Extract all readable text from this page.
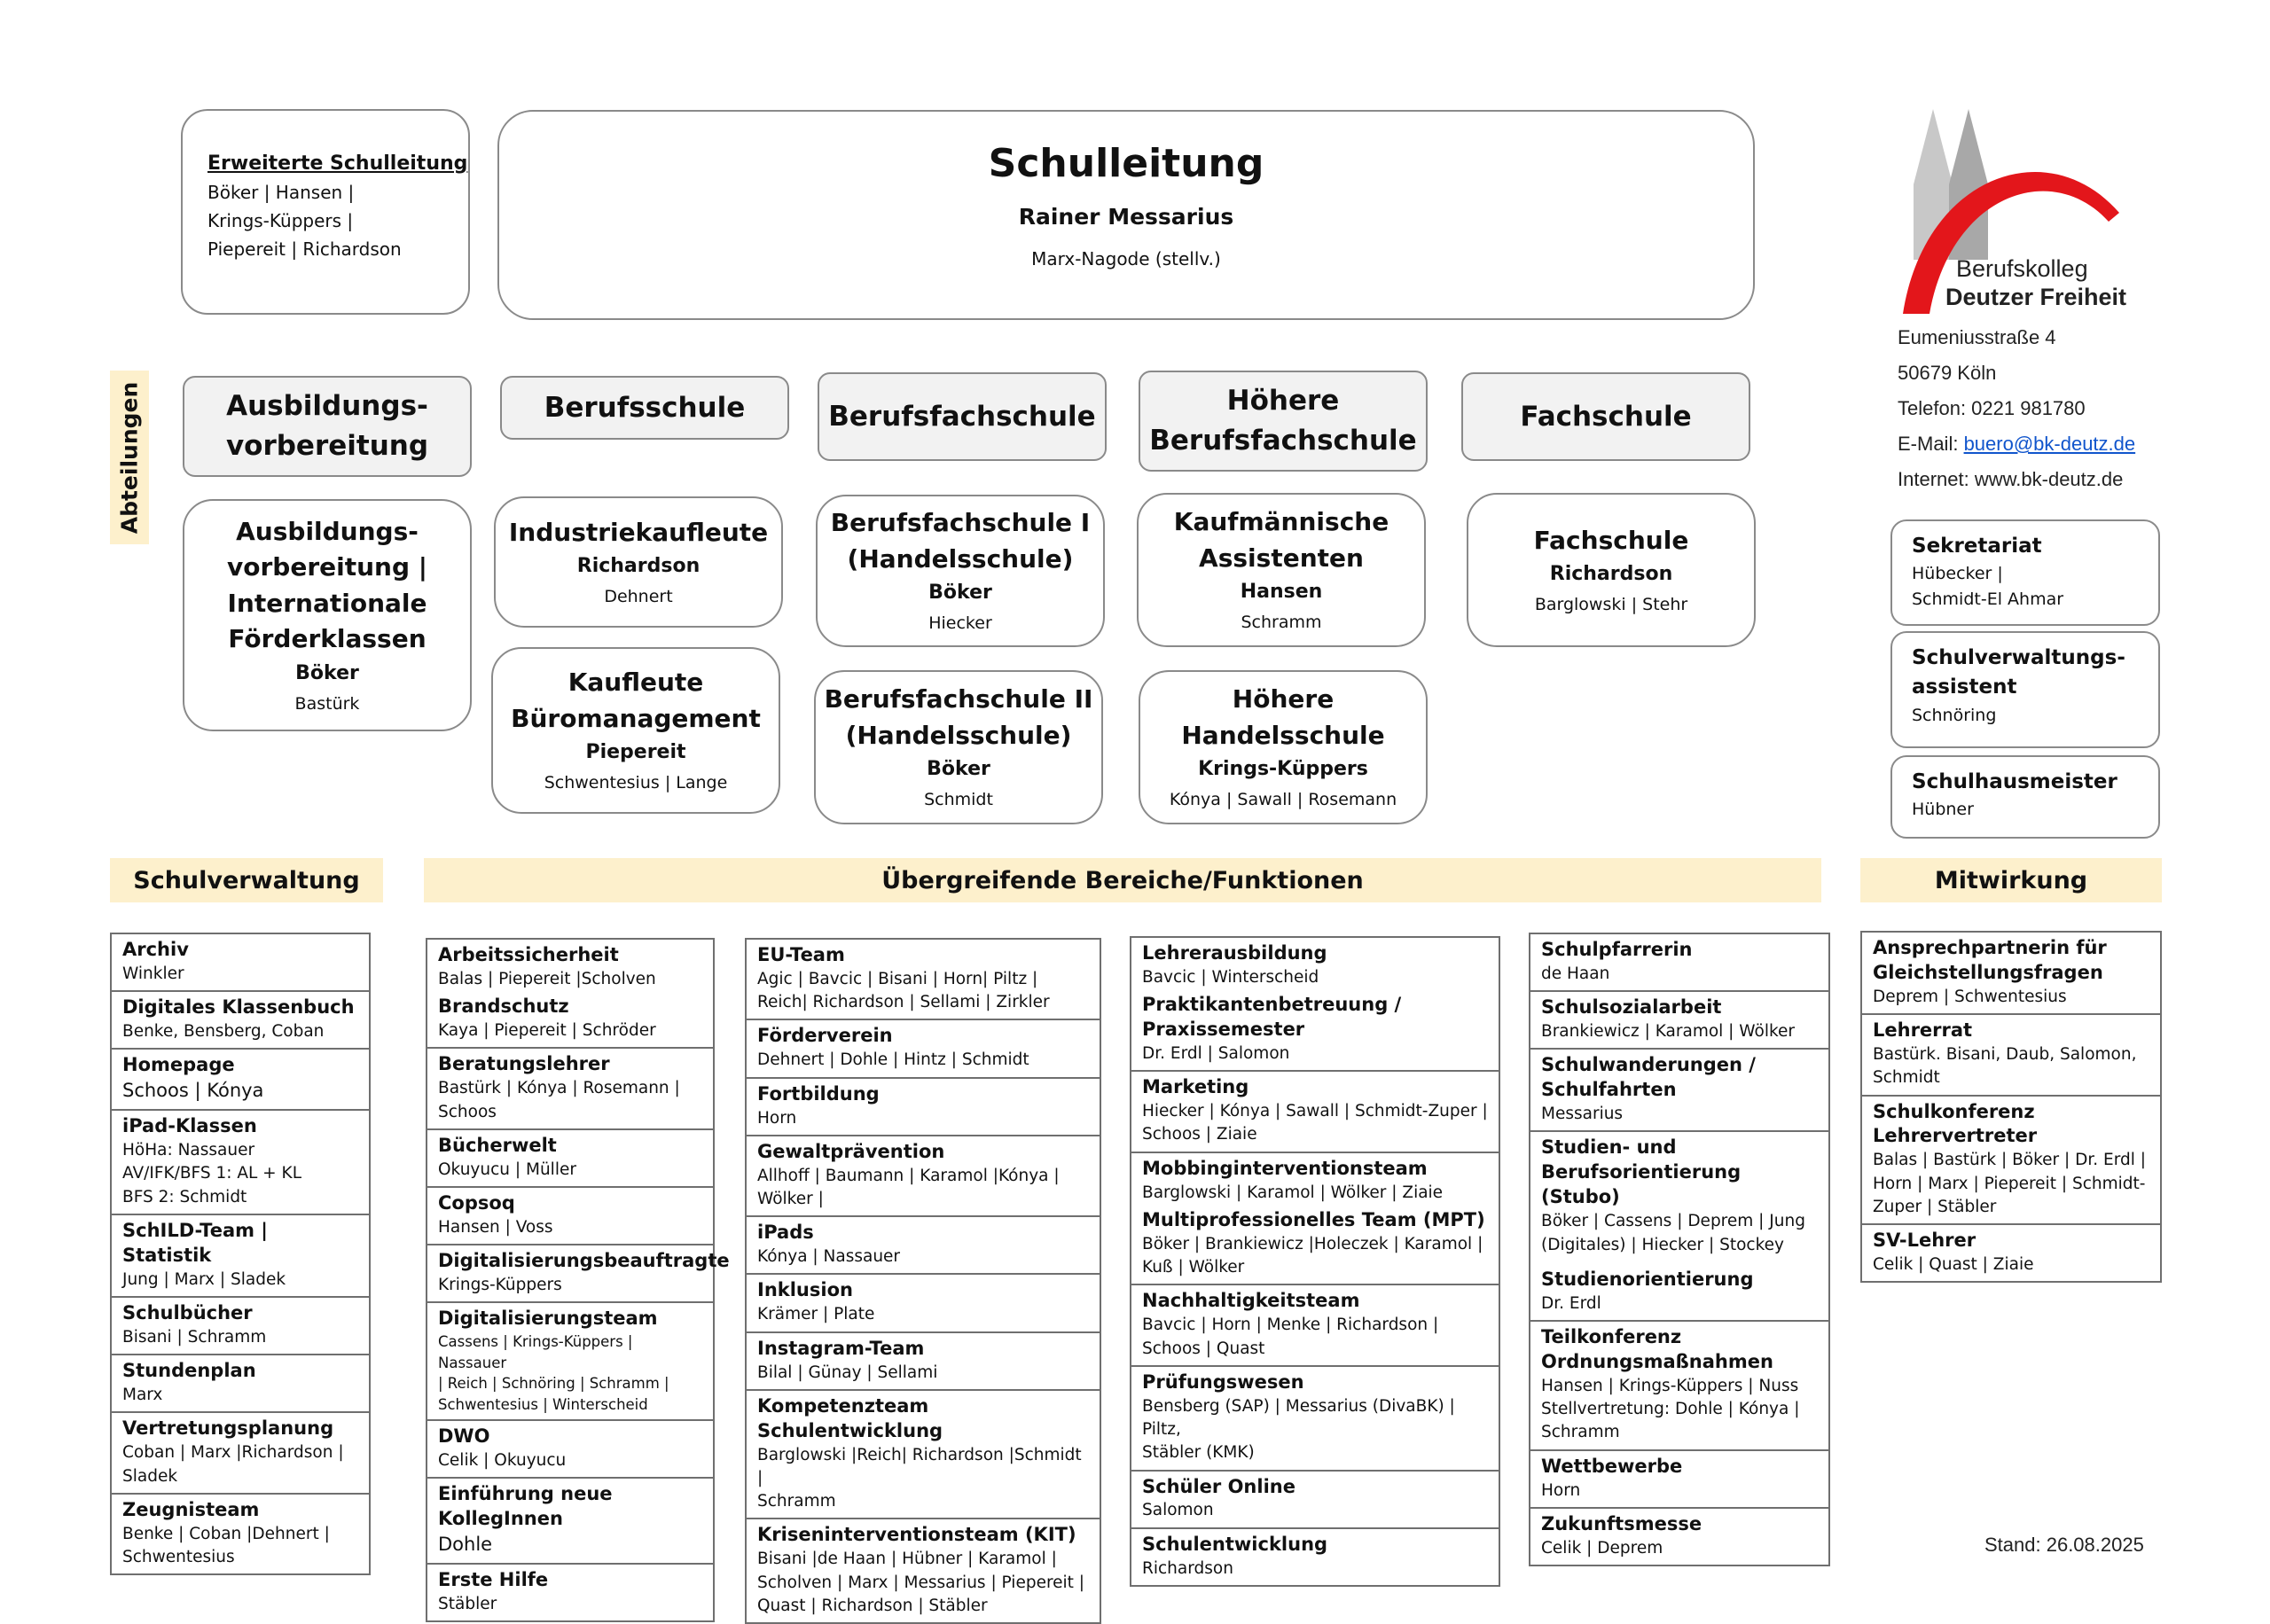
Erweiterte Schulleitung
Böker | Hansen |
Krings-Küppers |
Piepereit | Richardson
Schulleitung
Rainer Messarius
Marx-Nagode (stellv.)	Berufskolleg
Deutzer Freiheit
Eumeniusstraße 4
50679 Köln
Telefon: 0221 981780
E-Mail: buero@bk-deutz.de
Internet: www.bk-deutz.de
Abteilungen	Ausbildungs-
vorbereitung
Berufsschule	Berufsfachschule	Höhere
Berufsfachschule
Fachschule
Ausbildungs-
vorbereitung |
Internationale
Förderklassen
Böker
Bastürk
Industriekaufleute
Richardson
Dehnert
Kaufleute
Büromanagement
Piepereit
Schwentesius | Lange
Berufsfachschule I
(Handelsschule)
Böker
Hiecker
Berufsfachschule II
(Handelsschule)
Böker
Schmidt
Kaufmännische
Assistenten
Hansen
Schramm
Höhere
Handelsschule
Krings-Küppers
Kónya | Sawall | Rosemann
Fachschule
Richardson
Barglowski | Stehr
Sekretariat
Hübecker |
Schmidt-El Ahmar
Schulverwaltungs-
assistent
Schnöring
Schulhausmeister
Hübner
Schulverwaltung	Übergreifende Bereiche/Funktionen	Mitwirkung
Archiv
Winkler
Digitales Klassenbuch
Benke, Bensberg, Coban
Homepage
Schoos | Kónya
iPad-Klassen
HöHa: Nassauer
AV/IFK/BFS 1: AL + KL
BFS 2: Schmidt
SchILD-Team | Statistik
Jung | Marx | Sladek
Schulbücher
Bisani | Schramm
Stundenplan
Marx
Vertretungsplanung
Coban | Marx |Richardson |
Sladek
Zeugnisteam
Benke | Coban |Dehnert |
Schwentesius
Arbeitssicherheit
Balas | Piepereit |Scholven
Brandschutz
Kaya | Piepereit | Schröder
Beratungslehrer
Bastürk | Kónya | Rosemann |
Schoos
Bücherwelt
Okuyucu | Müller
Copsoq
Hansen | Voss
Digitalisierungsbeauftragte
Krings-Küppers
Digitalisierungsteam
Cassens | Krings-Küppers | Nassauer
| Reich | Schnöring | Schramm |
Schwentesius | Winterscheid
DWO
Celik | Okuyucu
Einführung neue KollegInnen
Dohle
Erste Hilfe
Stäbler
EU-Team
Agic | Bavcic | Bisani | Horn| Piltz |
Reich| Richardson | Sellami | Zirkler
Förderverein
Dehnert | Dohle | Hintz | Schmidt
Fortbildung
Horn
Gewaltprävention
Allhoff | Baumann | Karamol |Kónya |
Wölker |
iPads
Kónya | Nassauer
Inklusion
Krämer | Plate
Instagram-Team
Bilal | Günay | Sellami
Kompetenzteam Schulentwicklung
Barglowski |Reich| Richardson |Schmidt |
Schramm
Kriseninterventionsteam (KIT)
Bisani |de Haan | Hübner | Karamol |
Scholven | Marx | Messarius | Piepereit |
Quast | Richardson | Stäbler
Lehrerausbildung
Bavcic | Winterscheid
Praktikantenbetreuung /
Praxissemester
Dr. Erdl | Salomon
Marketing
Hiecker | Kónya | Sawall | Schmidt-Zuper |
Schoos | Ziaie
Mobbinginterventionsteam
Barglowski | Karamol | Wölker | Ziaie
Multiprofessionelles Team (MPT)
Böker | Brankiewicz |Holeczek | Karamol |
Kuß | Wölker
Nachhaltigkeitsteam
Bavcic | Horn | Menke | Richardson |
Schoos | Quast
Prüfungswesen
Bensberg (SAP) | Messarius (DivaBK) | Piltz,
Stäbler (KMK)
Schüler Online
Salomon
Schulentwicklung
Richardson
Schulpfarrerin
de Haan
Schulsozialarbeit
Brankiewicz | Karamol | Wölker
Schulwanderungen /
Schulfahrten
Messarius
Studien- und
Berufsorientierung (Stubo)
Böker | Cassens | Deprem | Jung
(Digitales) | Hiecker | Stockey
Studienorientierung
Dr. Erdl
Teilkonferenz
Ordnungsmaßnahmen
Hansen | Krings-Küppers | Nuss
Stellvertretung: Dohle | Kónya |
Schramm
Wettbewerbe
Horn
Zukunftsmesse
Celik | Deprem
Ansprechpartnerin für
Gleichstellungsfragen
Deprem | Schwentesius
Lehrerrat
Bastürk. Bisani, Daub, Salomon,
Schmidt
Schulkonferenz Lehrervertreter
Balas | Bastürk | Böker | Dr. Erdl |
Horn | Marx | Piepereit | Schmidt-
Zuper | Stäbler
SV-Lehrer
Celik | Quast | Ziaie
Stand: 26.08.2025
